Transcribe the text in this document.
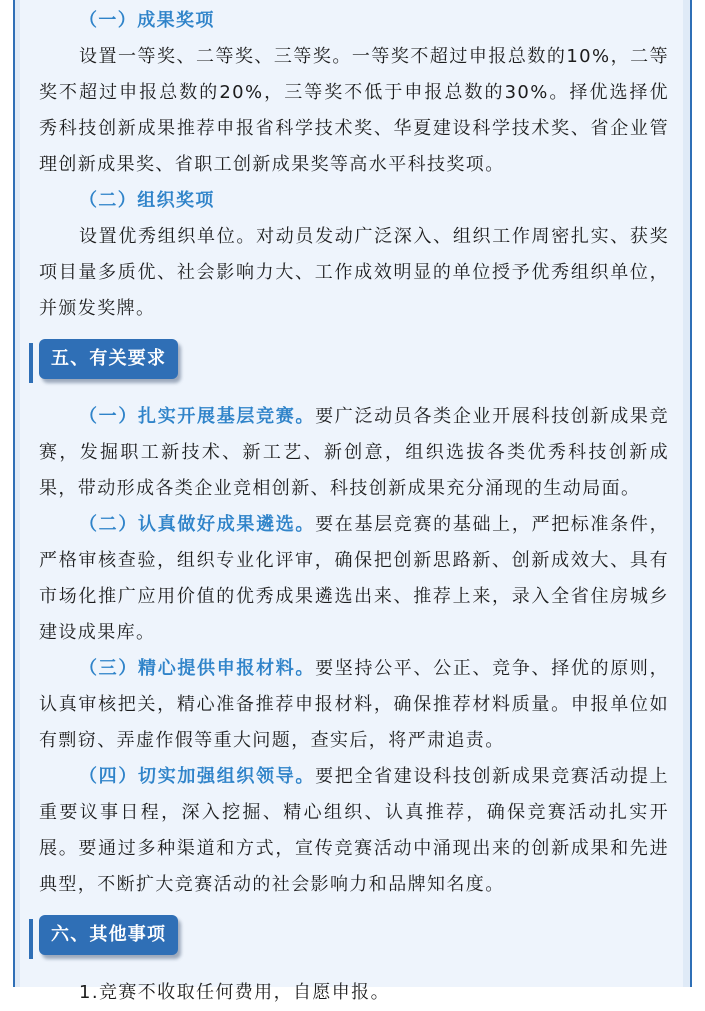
（一）成果奖项

设置一等奖、二等奖、三等奖。一等奖不超过申报总数的10%，二等奖不超过申报总数的20%，三等奖不低于申报总数的30%。择优选择优秀科技创新成果推荐申报省科学技术奖、华夏建设科学技术奖、省企业管理创新成果奖、省职工创新成果奖等高水平科技奖项。

（二）组织奖项

设置优秀组织单位。对动员发动广泛深入、组织工作周密扎实、获奖项目量多质优、社会影响力大、工作成效明显的单位授予优秀组织单位，并颁发奖牌。

五、有关要求

（一）扎实开展基层竞赛。要广泛动员各类企业开展科技创新成果竞赛，发掘职工新技术、新工艺、新创意，组织选拔各类优秀科技创新成果，带动形成各类企业竞相创新、科技创新成果充分涌现的生动局面。

（二）认真做好成果遴选。要在基层竞赛的基础上，严把标准条件，严格审核查验，组织专业化评审，确保把创新思路新、创新成效大、具有市场化推广应用价值的优秀成果遴选出来、推荐上来，录入全省住房城乡建设成果库。

（三）精心提供申报材料。要坚持公平、公正、竞争、择优的原则，认真审核把关，精心准备推荐申报材料，确保推荐材料质量。申报单位如有剽窃、弄虚作假等重大问题，查实后，将严肃追责。

（四）切实加强组织领导。要把全省建设科技创新成果竞赛活动提上重要议事日程，深入挖掘、精心组织、认真推荐，确保竞赛活动扎实开展。要通过多种渠道和方式，宣传竞赛活动中涌现出来的创新成果和先进典型，不断扩大竞赛活动的社会影响力和品牌知名度。

六、其他事项

1.竞赛不收取任何费用，自愿申报。
